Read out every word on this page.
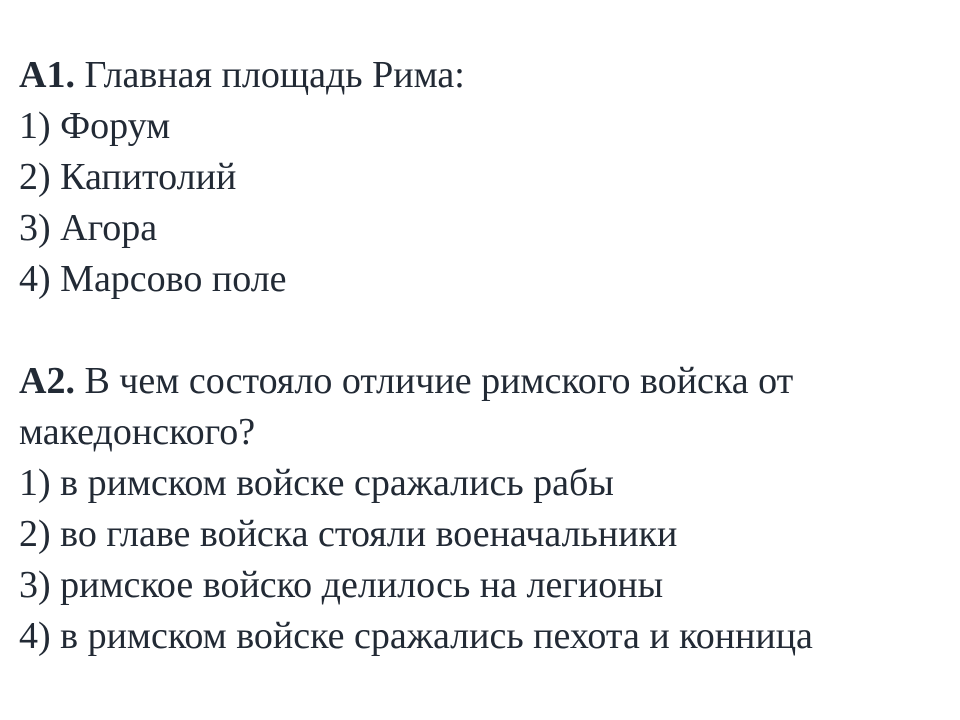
А1. Главная площадь Рима:

1) Форум
2) Капитолий
3) Агора
4) Марсово поле

А2. В чем состояло отличие римского войска от македонского?

1) в римском войске сражались рабы
2) во главе войска стояли военачальники
3) римское войско делилось на легионы
4) в римском войске сражались пехота и конница
